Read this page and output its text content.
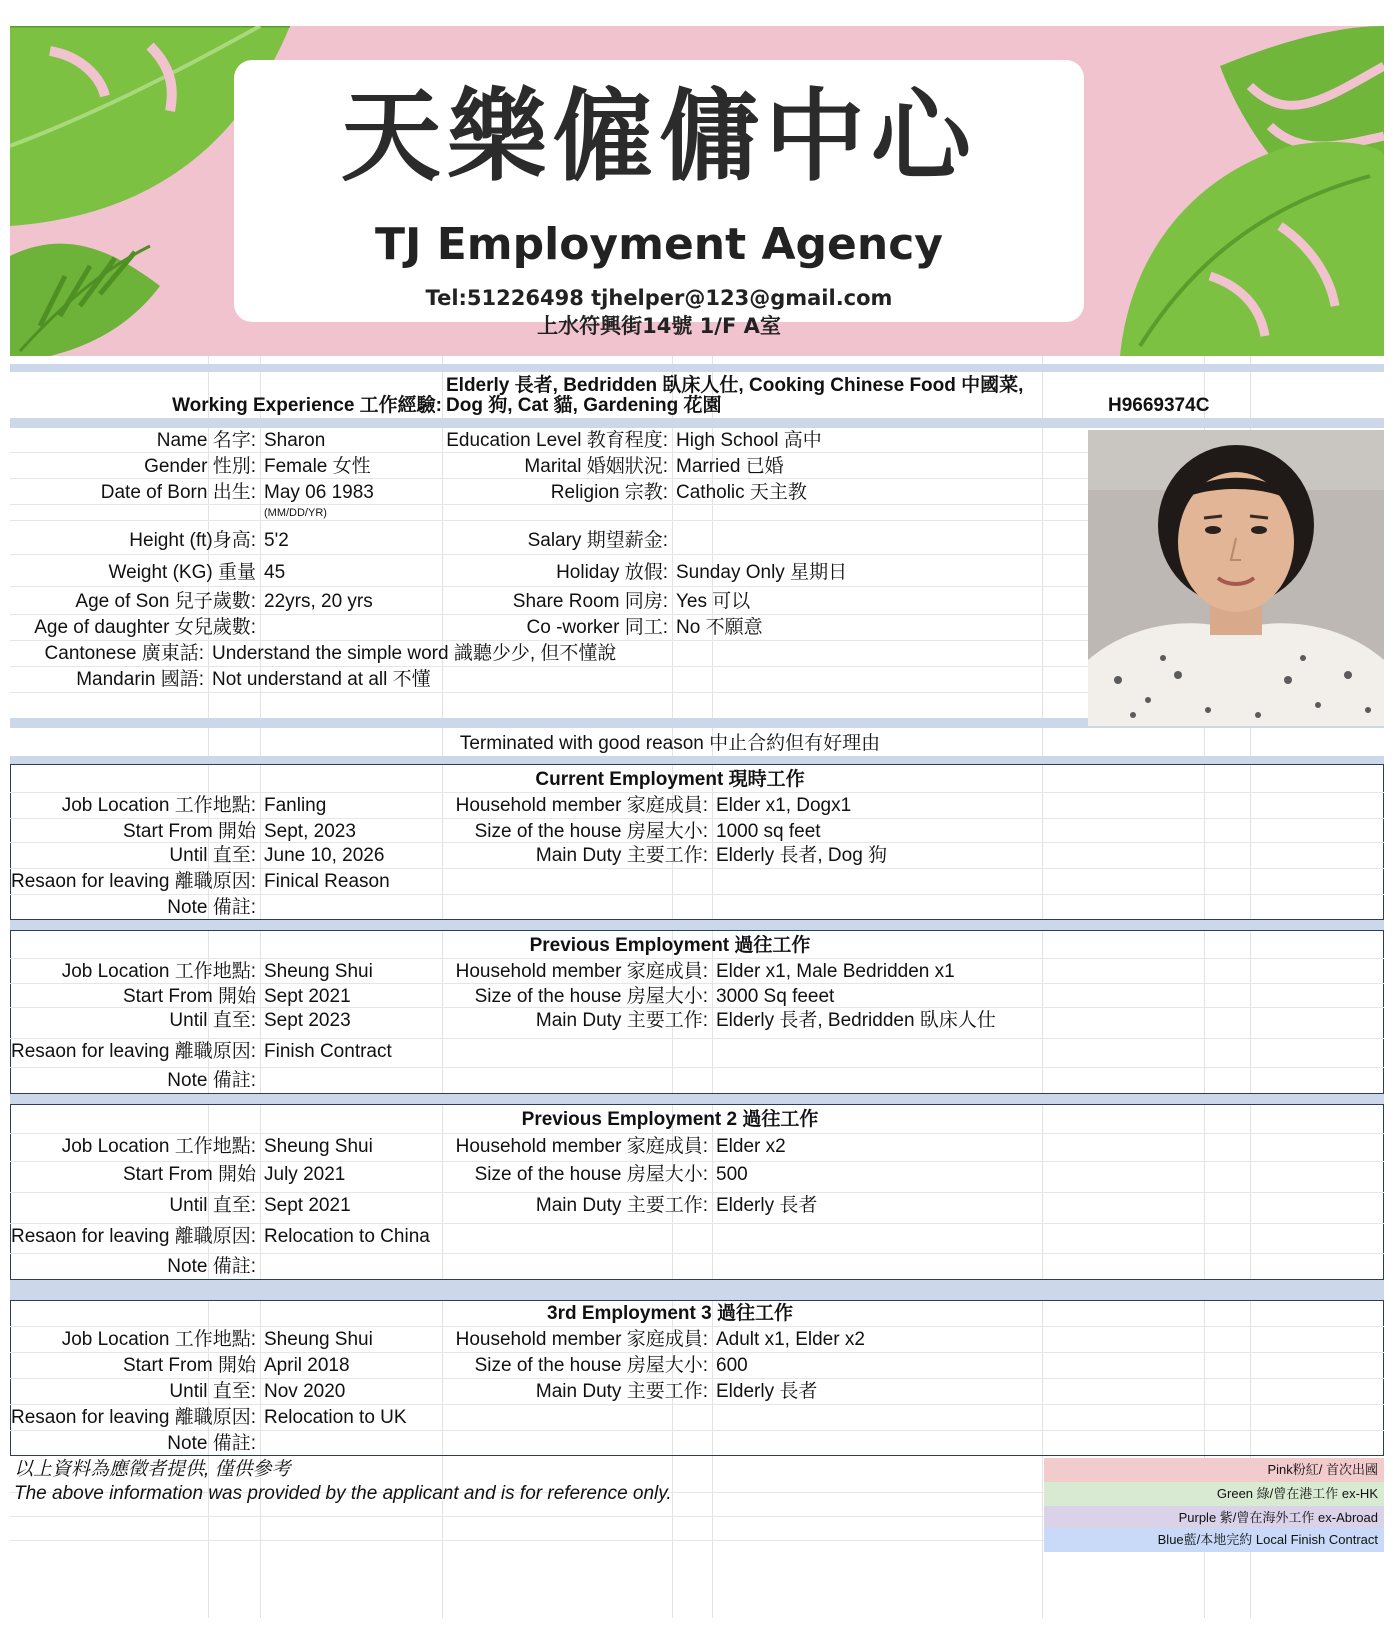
天樂僱傭中心
TJ Employment Agency
Tel:51226498 tjhelper@123@gmail.com
上水符興街14號 1/F A室
Working Experience 工作經驗:
Elderly 長者, Bedridden 臥床人仕, Cooking Chinese Food 中國菜,
Dog 狗, Cat 貓, Gardening 花園	H9669374C
Name 名字: Sharon
Gender 性別: Female 女性
Date of Born 出生: May 06 1983
(MM/DD/YR)
Height (ft)身高: 5'2
Weight (KG) 重量 45
Age of Son 兒子歲數: 22yrs, 20 yrs
Age of daughter 女兒歲數:
Cantonese 廣東話: Understand the simple word 識聽少少, 但不懂說
Mandarin 國語: Not understand at all 不懂
Education Level 教育程度: High School 高中
Marital 婚姻狀況: Married 已婚
Religion 宗教: Catholic 天主教
Salary 期望薪金:
Holiday 放假: Sunday Only 星期日
Share Room 同房: Yes 可以
Co -worker 同工: No 不願意
Terminated with good reason 中止合約但有好理由
Current Employment 現時工作
Job Location 工作地點: Fanling
Start From 開始 Sept, 2023
Until 直至: June 10, 2026
Resaon for leaving 離職原因: Finical Reason
Note 備註:
Household member 家庭成員: Elder x1, Dogx1
Size of the house 房屋大小: 1000 sq feet
Main Duty 主要工作: Elderly 長者, Dog 狗
Previous Employment 過往工作
Job Location 工作地點: Sheung Shui
Start From 開始 Sept 2021
Until 直至: Sept 2023
Resaon for leaving 離職原因: Finish Contract
Note 備註:
Household member 家庭成員: Elder x1, Male Bedridden x1
Size of the house 房屋大小: 3000 Sq feeet
Main Duty 主要工作: Elderly 長者, Bedridden 臥床人仕
Previous Employment 2 過往工作
Job Location 工作地點: Sheung Shui
Start From 開始 July 2021
Until 直至: Sept 2021
Resaon for leaving 離職原因: Relocation to China
Note 備註:
Household member 家庭成員: Elder x2
Size of the house 房屋大小: 500
Main Duty 主要工作: Elderly 長者
3rd Employment 3 過往工作
Job Location 工作地點: Sheung Shui
Start From 開始 April 2018
Until 直至: Nov 2020
Resaon for leaving 離職原因: Relocation to UK
Note 備註:
Household member 家庭成員: Adult x1, Elder x2
Size of the house 房屋大小: 600
Main Duty 主要工作: Elderly 長者
以上資料為應徵者提供, 僅供參考
The above information was provided by the applicant and is for reference only.
Pink粉紅/ 首次出國
Green 綠/曾在港工作 ex-HK
Purple 紫/曾在海外工作 ex-Abroad
Blue藍/本地完約 Local Finish Contract
